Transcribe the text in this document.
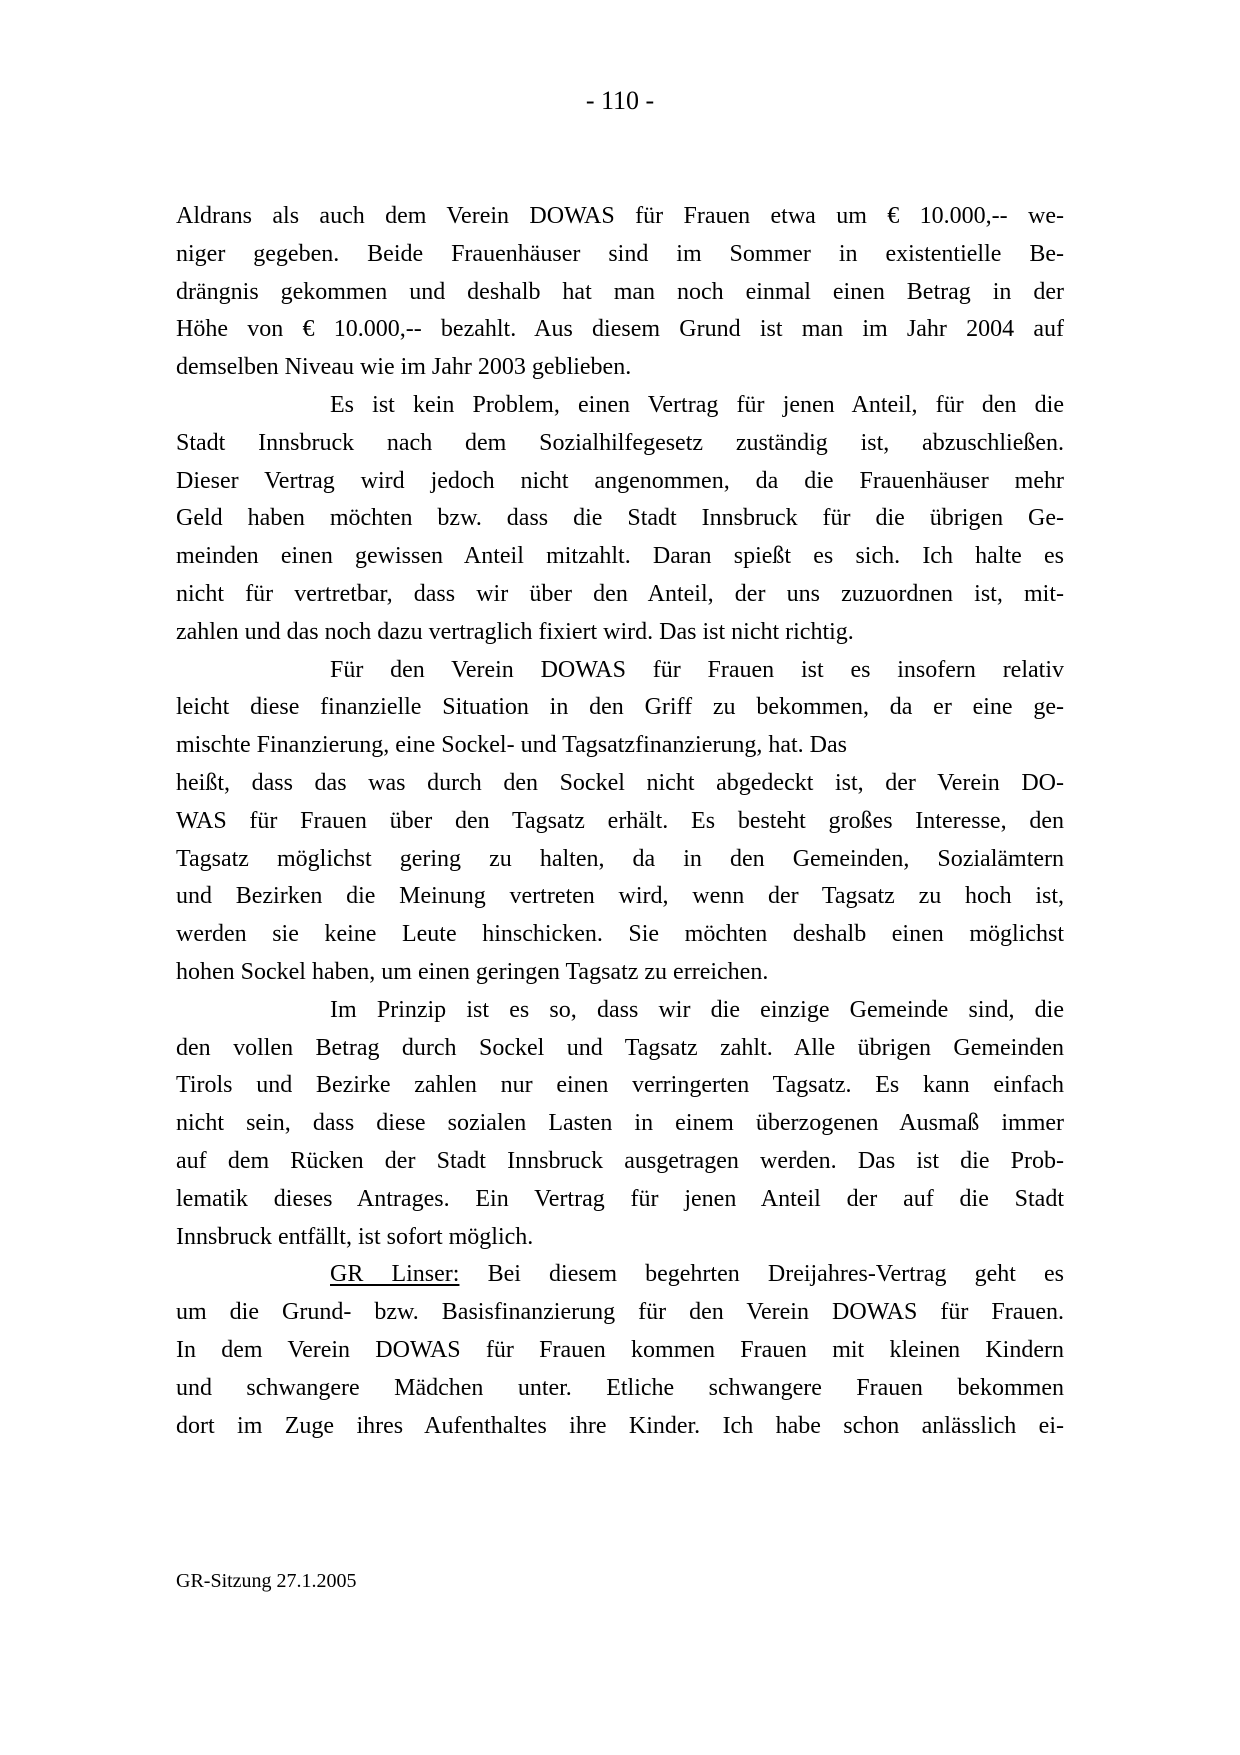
- 110 -
Aldrans als auch dem Verein DOWAS für Frauen etwa um € 10.000,-- we-
niger gegeben. Beide Frauenhäuser sind im Sommer in existentielle Be-
drängnis gekommen und deshalb hat man noch einmal einen Betrag in der
Höhe von € 10.000,-- bezahlt. Aus diesem Grund ist man im Jahr 2004 auf
demselben Niveau wie im Jahr 2003 geblieben.
Es ist kein Problem, einen Vertrag für jenen Anteil, für den die
Stadt Innsbruck nach dem Sozialhilfegesetz zuständig ist, abzuschließen.
Dieser Vertrag wird jedoch nicht angenommen, da die Frauenhäuser mehr
Geld haben möchten bzw. dass die Stadt Innsbruck für die übrigen Ge-
meinden einen gewissen Anteil mitzahlt. Daran spießt es sich. Ich halte es
nicht für vertretbar, dass wir über den Anteil, der uns zuzuordnen ist, mit-
zahlen und das noch dazu vertraglich fixiert wird. Das ist nicht richtig.
Für den Verein DOWAS für Frauen ist es insofern relativ
leicht diese finanzielle Situation in den Griff zu bekommen, da er eine ge-
mischte Finanzierung, eine Sockel- und Tagsatzfinanzierung, hat. Das
heißt, dass das was durch den Sockel nicht abgedeckt ist, der Verein DO-
WAS für Frauen über den Tagsatz erhält. Es besteht großes Interesse, den
Tagsatz möglichst gering zu halten, da in den Gemeinden, Sozialämtern
und Bezirken die Meinung vertreten wird, wenn der Tagsatz zu hoch ist,
werden sie keine Leute hinschicken. Sie möchten deshalb einen möglichst
hohen Sockel haben, um einen geringen Tagsatz zu erreichen.
Im Prinzip ist es so, dass wir die einzige Gemeinde sind, die
den vollen Betrag durch Sockel und Tagsatz zahlt. Alle übrigen Gemeinden
Tirols und Bezirke zahlen nur einen verringerten Tagsatz. Es kann einfach
nicht sein, dass diese sozialen Lasten in einem überzogenen Ausmaß immer
auf dem Rücken der Stadt Innsbruck ausgetragen werden. Das ist die Prob-
lematik dieses Antrages. Ein Vertrag für jenen Anteil der auf die Stadt
Innsbruck entfällt, ist sofort möglich.
GR Linser: Bei diesem begehrten Dreijahres-Vertrag geht es
um die Grund- bzw. Basisfinanzierung für den Verein DOWAS für Frauen.
In dem Verein DOWAS für Frauen kommen Frauen mit kleinen Kindern
und schwangere Mädchen unter. Etliche schwangere Frauen bekommen
dort im Zuge ihres Aufenthaltes ihre Kinder. Ich habe schon anlässlich ei-
GR-Sitzung 27.1.2005
